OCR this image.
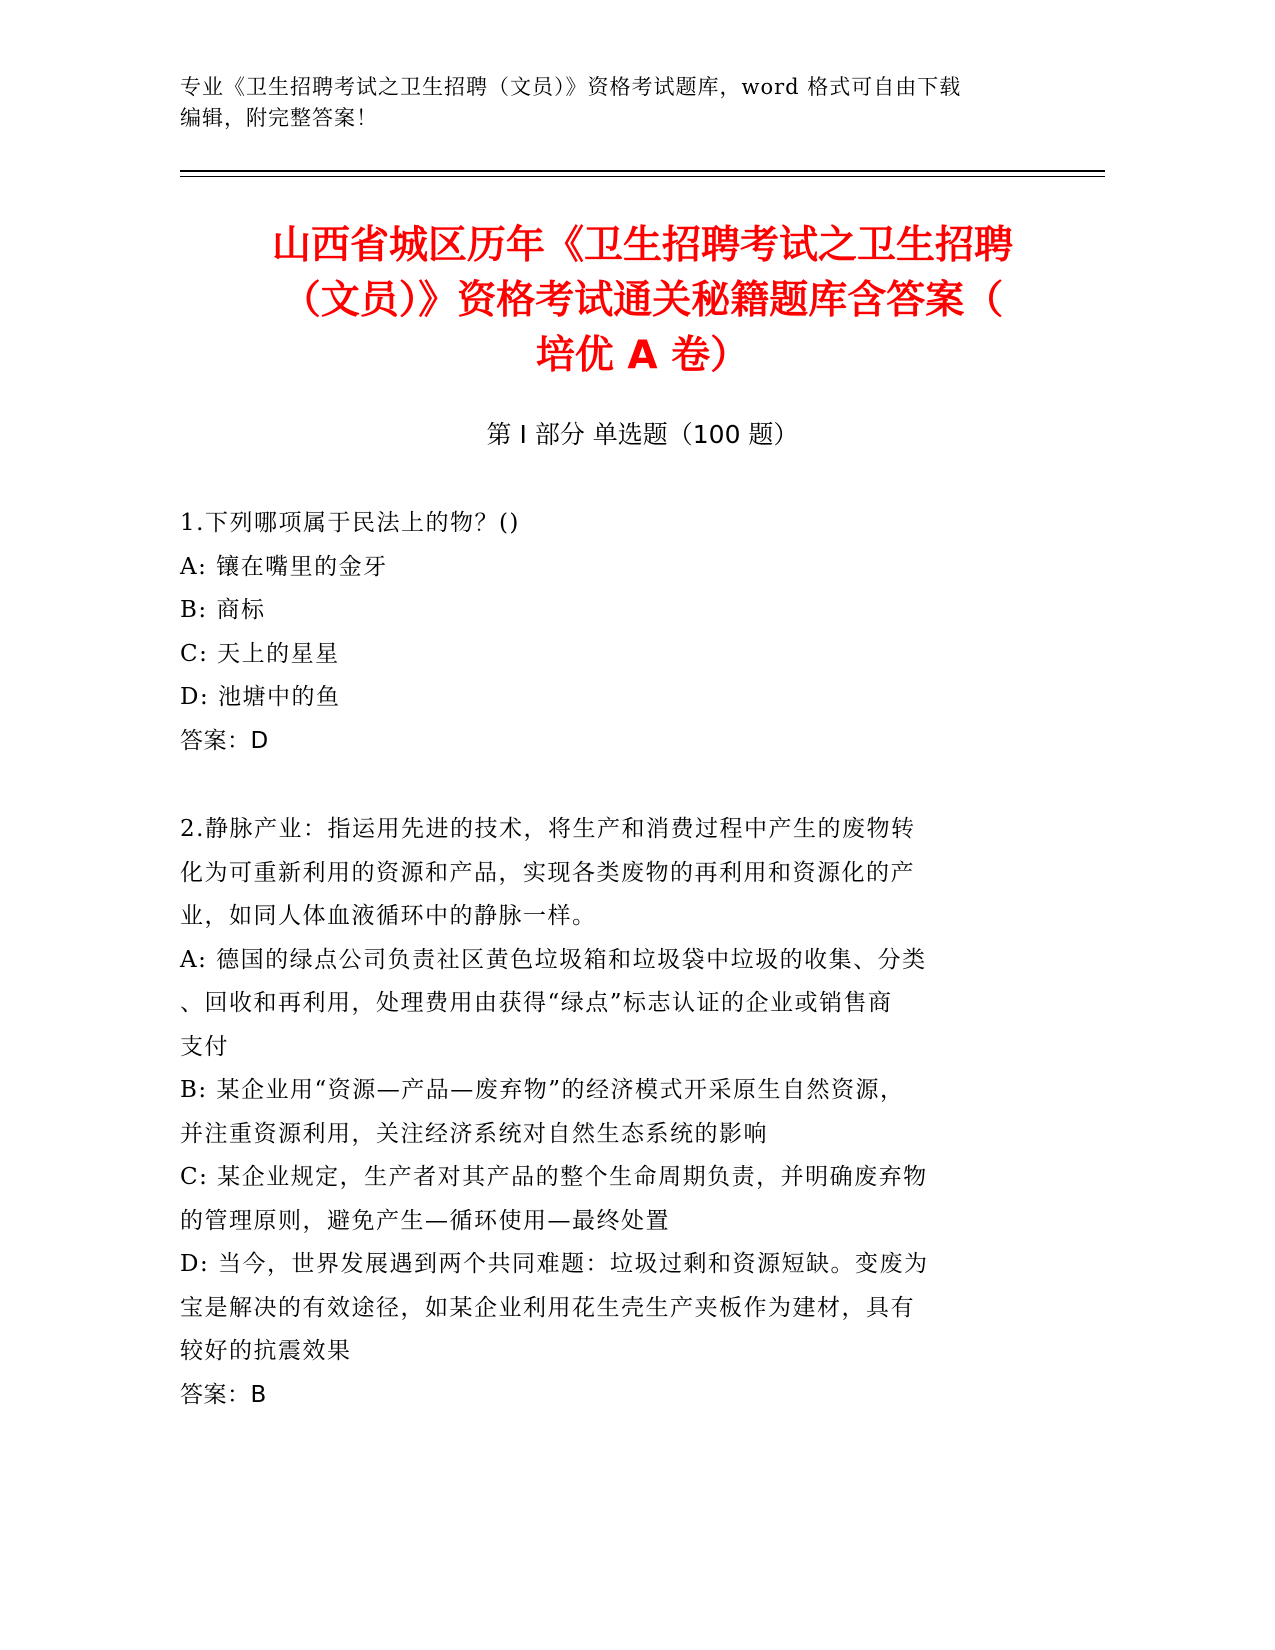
专业《卫生招聘考试之卫生招聘（文员）》资格考试题库，word 格式可自由下载

编辑，附完整答案！

山西省城区历年《卫生招聘考试之卫生招聘
（文员）》资格考试通关秘籍题库含答案（
培优 A 卷）
第 I 部分 单选题（100 题）

1.下列哪项属于民法上的物？()

A: 镶在嘴里的金牙

B: 商标

C: 天上的星星

D: 池塘中的鱼

答案：D

2.静脉产业：指运用先进的技术，将生产和消费过程中产生的废物转

化为可重新利用的资源和产品，实现各类废物的再利用和资源化的产

业，如同人体血液循环中的静脉一样。

A: 德国的绿点公司负责社区黄色垃圾箱和垃圾袋中垃圾的收集、分类

、回收和再利用，处理费用由获得“绿点”标志认证的企业或销售商

支付

B: 某企业用“资源—产品—废弃物”的经济模式开采原生自然资源，

并注重资源利用，关注经济系统对自然生态系统的影响

C: 某企业规定，生产者对其产品的整个生命周期负责，并明确废弃物

的管理原则，避免产生—循环使用—最终处置

D: 当今，世界发展遇到两个共同难题：垃圾过剩和资源短缺。变废为

宝是解决的有效途径，如某企业利用花生壳生产夹板作为建材，具有

较好的抗震效果

答案：B
